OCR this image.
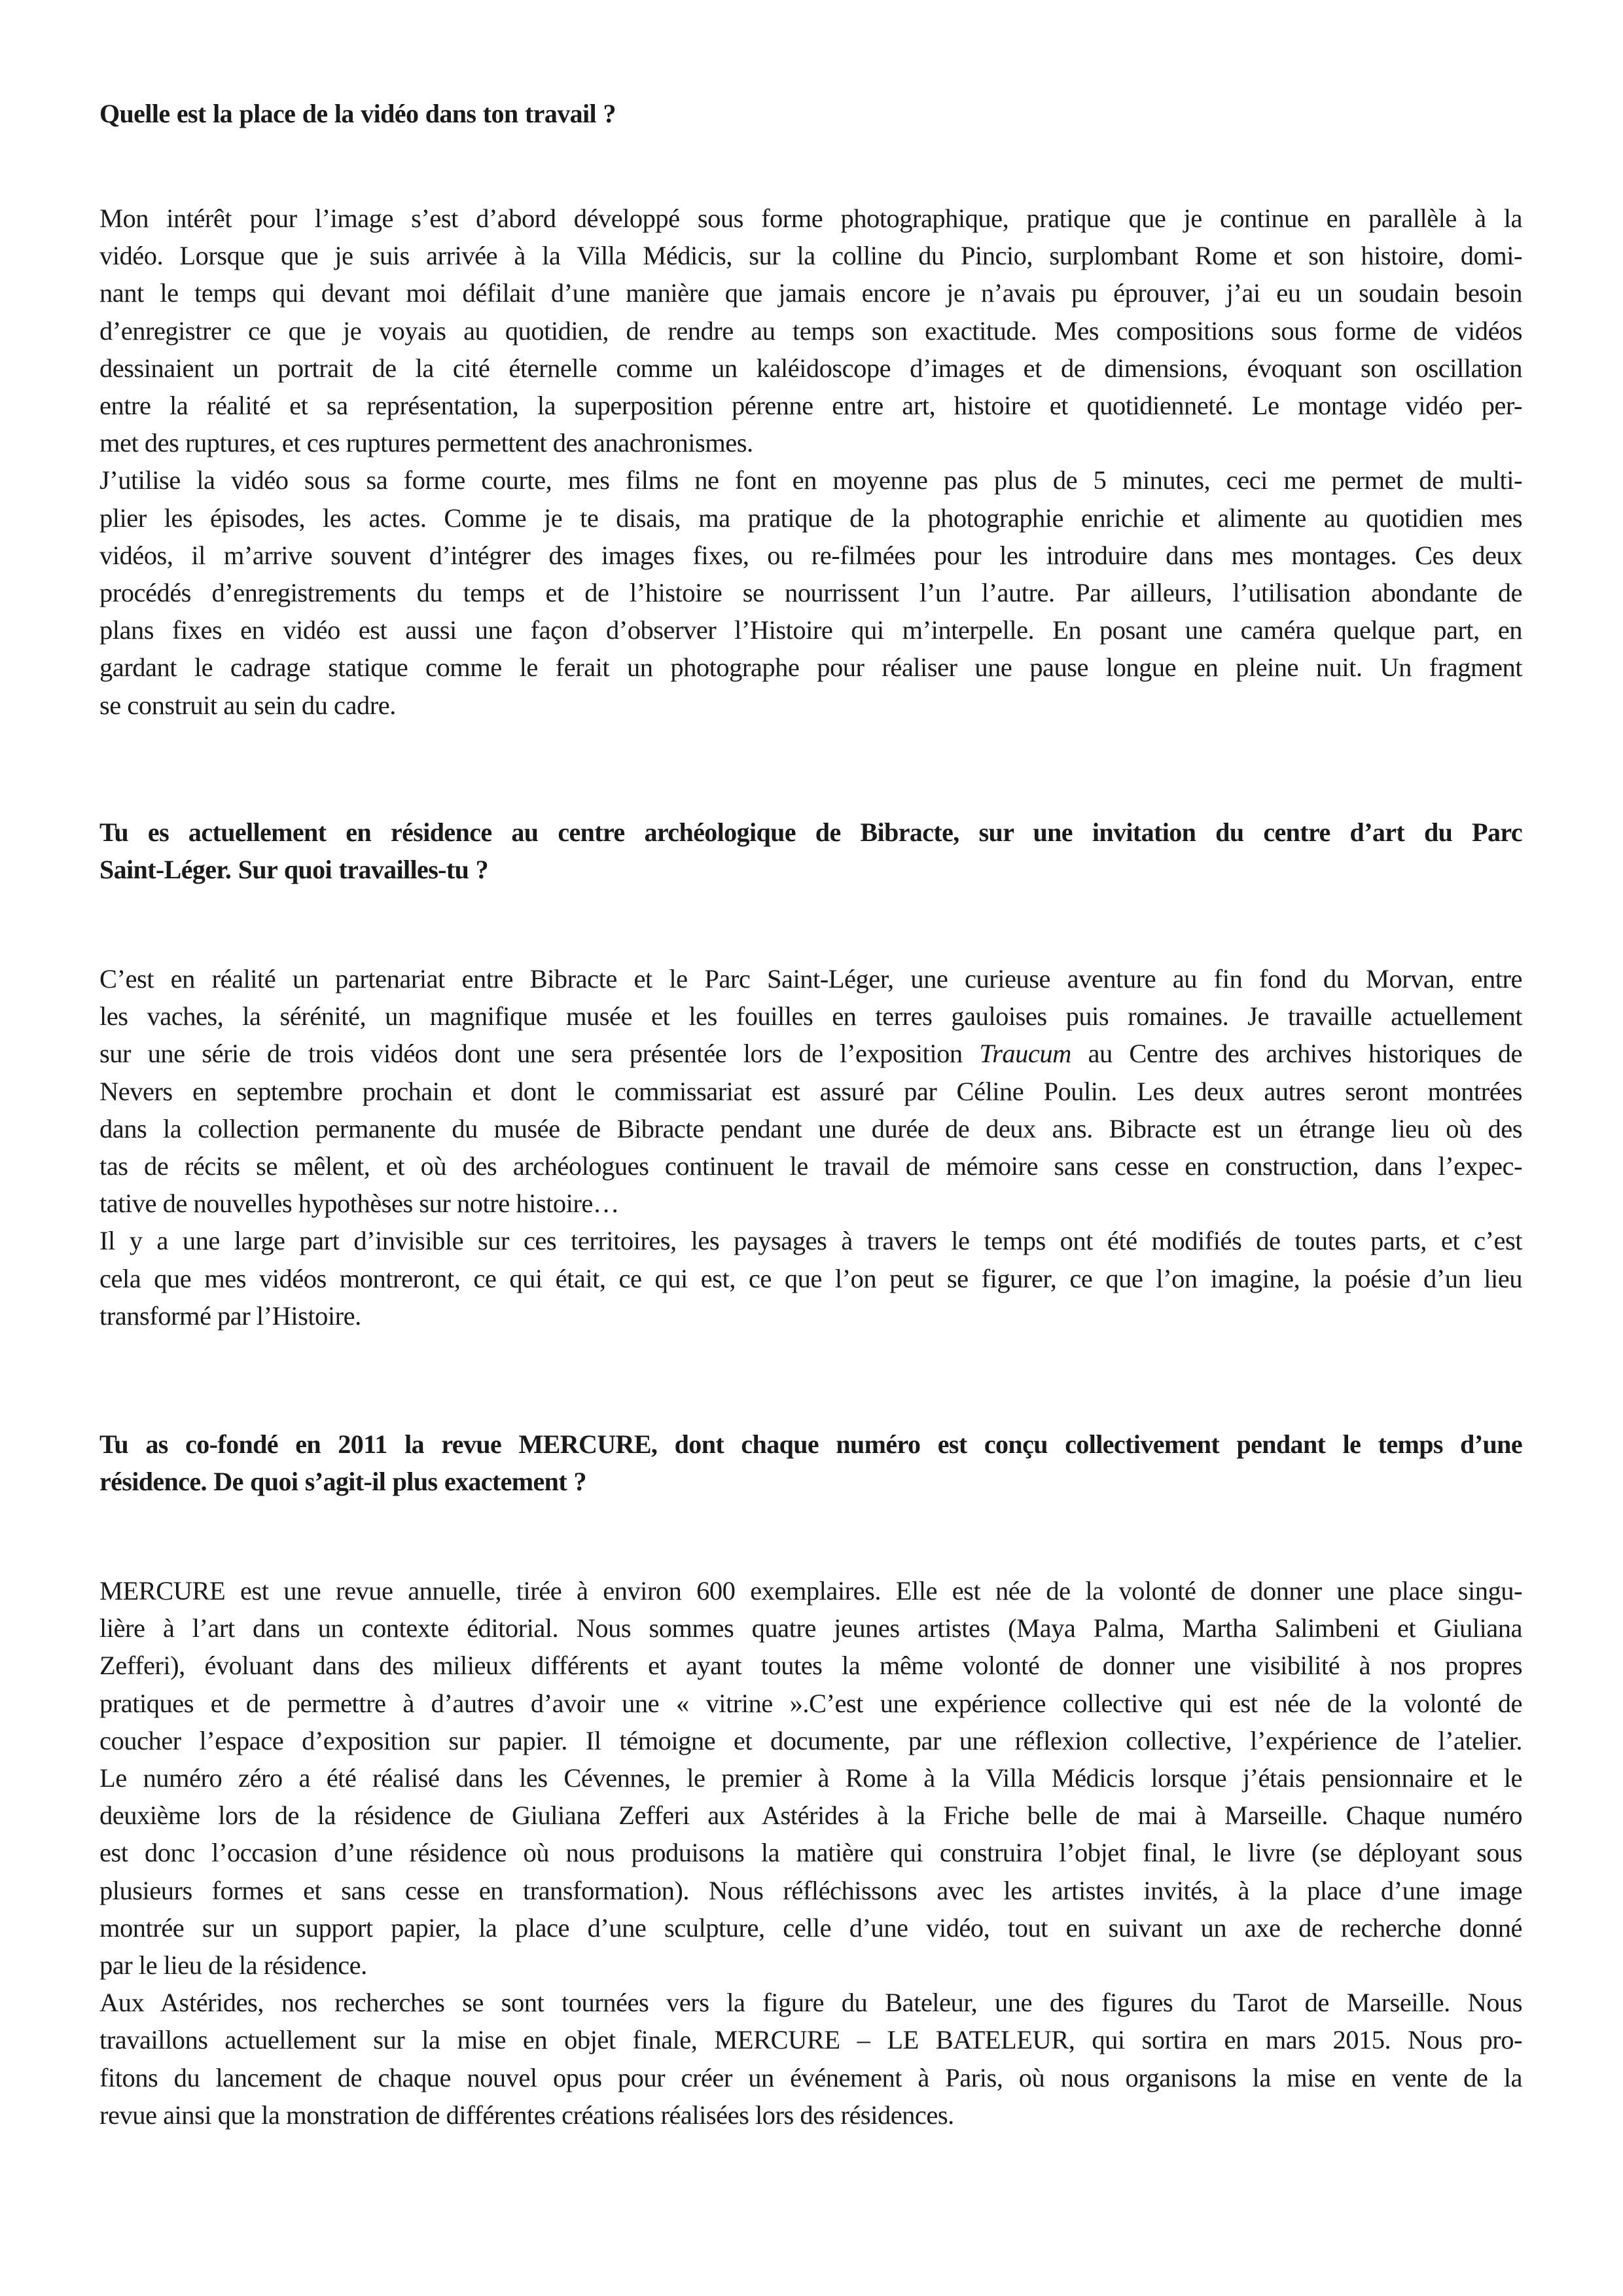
Quelle est la place de la vidéo dans ton travail ?

Mon intérêt pour l’image s’est d’abord développé sous forme photographique, pratique que je continue en parallèle à la
vidéo. Lorsque que je suis arrivée à la Villa Médicis, sur la colline du Pincio, surplombant Rome et son histoire, domi-
nant le temps qui devant moi défilait d’une manière que jamais encore je n’avais pu éprouver, j’ai eu un soudain besoin
d’enregistrer ce que je voyais au quotidien, de rendre au temps son exactitude. Mes compositions sous forme de vidéos
dessinaient un portrait de la cité éternelle comme un kaléidoscope d’images et de dimensions, évoquant son oscillation
entre la réalité et sa représentation, la superposition pérenne entre art, histoire et quotidienneté. Le montage vidéo per-
met des ruptures, et ces ruptures permettent des anachronismes.
J’utilise la vidéo sous sa forme courte, mes films ne font en moyenne pas plus de 5 minutes, ceci me permet de multi-
plier les épisodes, les actes. Comme je te disais, ma pratique de la photographie enrichie et alimente au quotidien mes
vidéos, il m’arrive souvent d’intégrer des images fixes, ou re-filmées pour les introduire dans mes montages. Ces deux
procédés d’enregistrements du temps et de l’histoire se nourrissent l’un l’autre. Par ailleurs, l’utilisation abondante de
plans fixes en vidéo est aussi une façon d’observer l’Histoire qui m’interpelle. En posant une caméra quelque part, en
gardant le cadrage statique comme le ferait un photographe pour réaliser une pause longue en pleine nuit. Un fragment
se construit au sein du cadre.

Tu es actuellement en résidence au centre archéologique de Bibracte, sur une invitation du centre d’art du Parc

Saint-Léger. Sur quoi travailles-tu ?

C’est en réalité un partenariat entre Bibracte et le Parc Saint-Léger, une curieuse aventure au fin fond du Morvan, entre
les vaches, la sérénité, un magnifique musée et les fouilles en terres gauloises puis romaines. Je travaille actuellement
sur une série de trois vidéos dont une sera présentée lors de l’exposition Traucum au Centre des archives historiques de
Nevers en septembre prochain et dont le commissariat est assuré par Céline Poulin. Les deux autres seront montrées
dans la collection permanente du musée de Bibracte pendant une durée de deux ans. Bibracte est un étrange lieu où des
tas de récits se mêlent, et où des archéologues continuent le travail de mémoire sans cesse en construction, dans l’expec-
tative de nouvelles hypothèses sur notre histoire…
Il y a une large part d’invisible sur ces territoires, les paysages à travers le temps ont été modifiés de toutes parts, et c’est
cela que mes vidéos montreront, ce qui était, ce qui est, ce que l’on peut se figurer, ce que l’on imagine, la poésie d’un lieu
transformé par l’Histoire.

Tu as co-fondé en 2011 la revue MERCURE, dont chaque numéro est conçu collectivement pendant le temps d’une

résidence. De quoi s’agit-il plus exactement ?

MERCURE est une revue annuelle, tirée à environ 600 exemplaires. Elle est née de la volonté de donner une place singu-
lière à l’art dans un contexte éditorial. Nous sommes quatre jeunes artistes (Maya Palma, Martha Salimbeni et Giuliana
Zefferi), évoluant dans des milieux différents et ayant toutes la même volonté de donner une visibilité à nos propres
pratiques et de permettre à d’autres d’avoir une « vitrine ».C’est une expérience collective qui est née de la volonté de
coucher l’espace d’exposition sur papier. Il témoigne et documente, par une réflexion collective, l’expérience de l’atelier.
Le numéro zéro a été réalisé dans les Cévennes, le premier à Rome à la Villa Médicis lorsque j’étais pensionnaire et le
deuxième lors de la résidence de Giuliana Zefferi aux Astérides à la Friche belle de mai à Marseille. Chaque numéro
est donc l’occasion d’une résidence où nous produisons la matière qui construira l’objet final, le livre (se déployant sous
plusieurs formes et sans cesse en transformation). Nous réfléchissons avec les artistes invités, à la place d’une image
montrée sur un support papier, la place d’une sculpture, celle d’une vidéo, tout en suivant un axe de recherche donné
par le lieu de la résidence.
Aux Astérides, nos recherches se sont tournées vers la figure du Bateleur, une des figures du Tarot de Marseille. Nous
travaillons actuellement sur la mise en objet finale, MERCURE – LE BATELEUR, qui sortira en mars 2015. Nous pro-
fitons du lancement de chaque nouvel opus pour créer un événement à Paris, où nous organisons la mise en vente de la
revue ainsi que la monstration de différentes créations réalisées lors des résidences.
